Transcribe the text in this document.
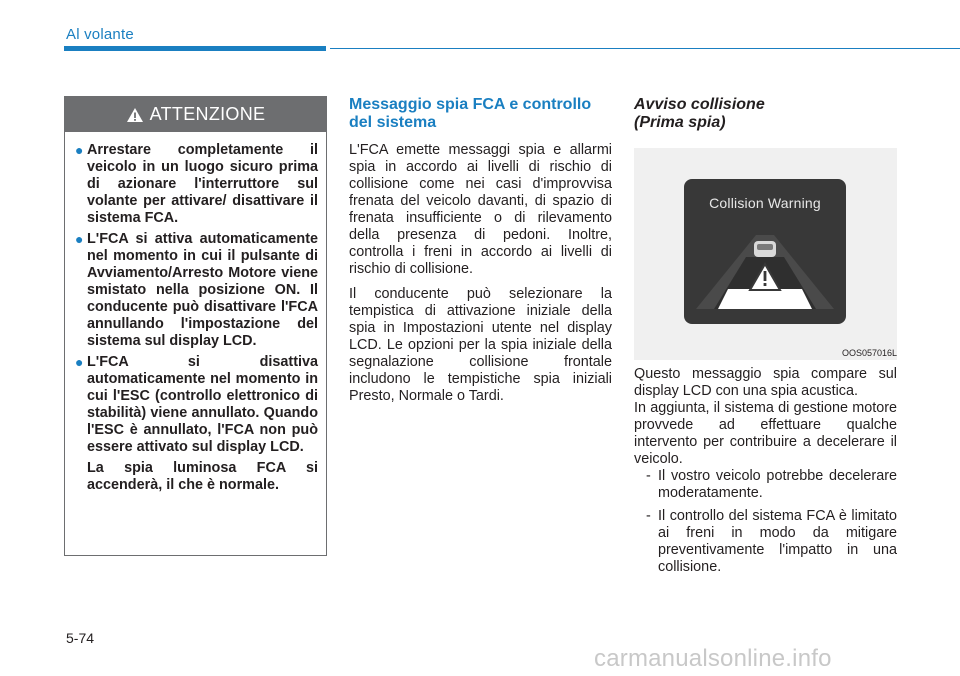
Al volante
ATTENZIONE
● Arrestare completamente il veicolo in un luogo sicuro prima di azionare l'interruttore sul volante per attivare/ disattivare il sistema FCA.
● L'FCA si attiva automaticamente nel momento in cui il pulsante di Avviamento/Arresto Motore viene smistato nella posizione ON. Il conducente può disattivare l'FCA annullando l'impostazione del sistema sul display LCD.
● L'FCA si disattiva automaticamente nel momento in cui l'ESC (controllo elettronico di stabilità) viene annullato. Quando l'ESC è annullato, l'FCA non può essere attivato sul display LCD.
La spia luminosa FCA si accenderà, il che è normale.
Messaggio spia FCA e controllo del sistema

L'FCA emette messaggi spia e allarmi spia in accordo ai livelli di rischio di collisione come nei casi d'improvvisa frenata del veicolo davanti, di spazio di frenata insufficiente o di rilevamento della presenza di pedoni. Inoltre, controlla i freni in accordo ai livelli di rischio di collisione.

Il conducente può selezionare la tempistica di attivazione iniziale della spia in Impostazioni utente nel display LCD. Le opzioni per la spia iniziale della segnalazione collisione frontale includono le tempistiche spia iniziali Presto, Normale o Tardi.

Avviso collisione
(Prima spia)
Collision Warning
OOS057016L

Questo messaggio spia compare sul display LCD con una spia acustica.

In aggiunta, il sistema di gestione motore provvede ad effettuare qualche intervento per contribuire a decelerare il veicolo.

- Il vostro veicolo potrebbe decelerare moderatamente.
- Il controllo del sistema FCA è limitato ai freni in modo da mitigare preventivamente l'impatto in una collisione.
5-74
carmanualsonline.info
